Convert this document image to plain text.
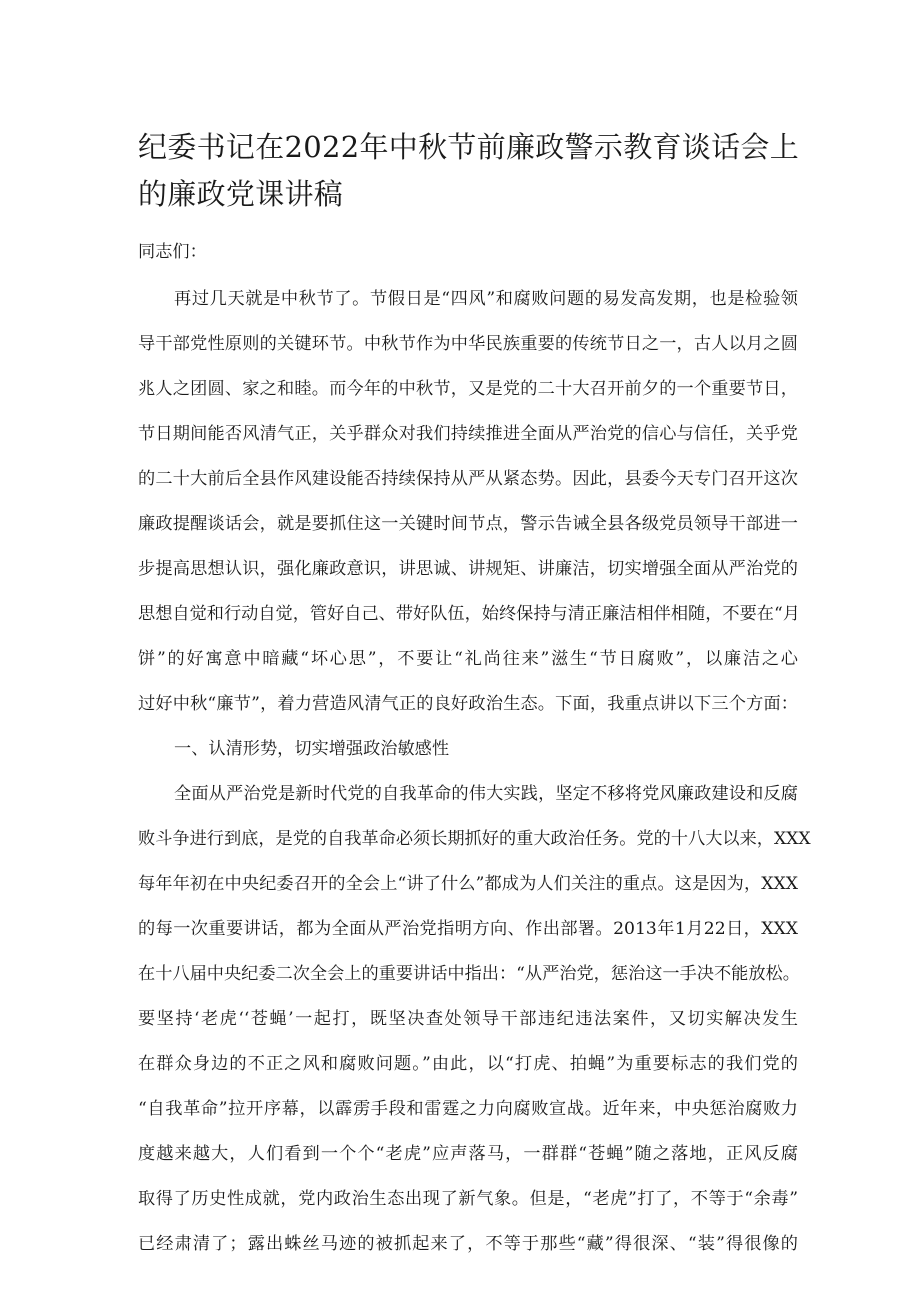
纪委书记在2022年中秋节前廉政警示教育谈话会上
的廉政党课讲稿
同志们：
再过几天就是中秋节了。节假日是“四风”和腐败问题的易发高发期，也是检验领
导干部党性原则的关键环节。中秋节作为中华民族重要的传统节日之一，古人以月之圆
兆人之团圆、家之和睦。而今年的中秋节，又是党的二十大召开前夕的一个重要节日，
节日期间能否风清气正，关乎群众对我们持续推进全面从严治党的信心与信任，关乎党
的二十大前后全县作风建设能否持续保持从严从紧态势。因此，县委今天专门召开这次
廉政提醒谈话会，就是要抓住这一关键时间节点，警示告诫全县各级党员领导干部进一
步提高思想认识，强化廉政意识，讲思诚、讲规矩、讲廉洁，切实增强全面从严治党的
思想自觉和行动自觉，管好自己、带好队伍，始终保持与清正廉洁相伴相随，不要在“月
饼”的好寓意中暗藏“坏心思”，不要让“礼尚往来”滋生“节日腐败”，以廉洁之心
过好中秋“廉节”，着力营造风清气正的良好政治生态。下面，我重点讲以下三个方面：
一、认清形势，切实增强政治敏感性
全面从严治党是新时代党的自我革命的伟大实践，坚定不移将党风廉政建设和反腐
败斗争进行到底，是党的自我革命必须长期抓好的重大政治任务。党的十八大以来，XXX
每年年初在中央纪委召开的全会上“讲了什么”都成为人们关注的重点。这是因为，XXX
的每一次重要讲话，都为全面从严治党指明方向、作出部署。2013年1月22日，XXX
在十八届中央纪委二次全会上的重要讲话中指出：“从严治党，惩治这一手决不能放松。
要坚持‘老虎‘‘苍蝇’一起打，既坚决查处领导干部违纪违法案件，又切实解决发生
在群众身边的不正之风和腐败问题。”由此，以“打虎、拍蝇”为重要标志的我们党的
“自我革命”拉开序幕，以霹雳手段和雷霆之力向腐败宣战。近年来，中央惩治腐败力
度越来越大，人们看到一个个“老虎”应声落马，一群群“苍蝇”随之落地，正风反腐
取得了历史性成就，党内政治生态出现了新气象。但是，“老虎”打了，不等于“余毒”
已经肃清了；露出蛛丝马迹的被抓起来了，不等于那些“藏”得很深、“装”得很像的
